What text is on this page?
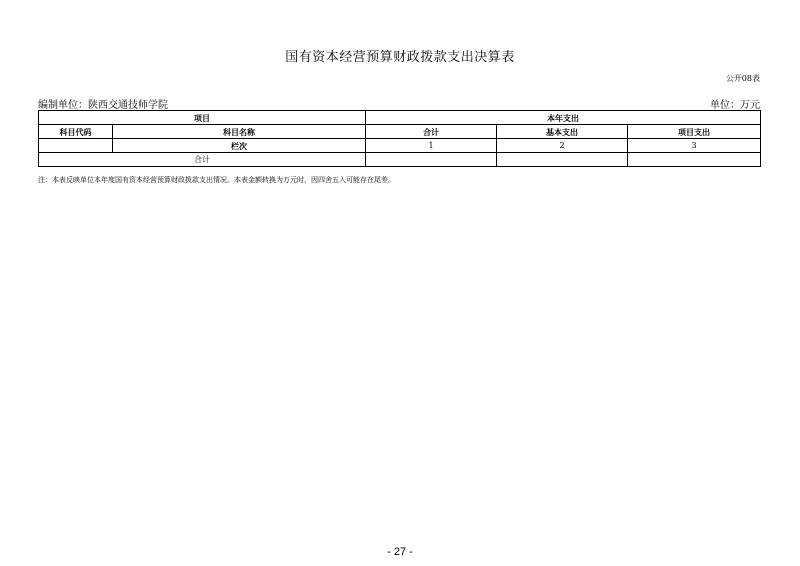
国有资本经营预算财政拨款支出决算表
公开08表
编制单位：陕西交通技师学院	单位：万元
项目		本年支出		
科目代码	科目名称	合计	基本支出	项目支出
	栏次	1	2	3
合计				
注：本表反映单位本年度国有资本经营预算财政拨款支出情况。本表金额转换为万元时，因四舍五入可能存在尾差。
- 27 -
